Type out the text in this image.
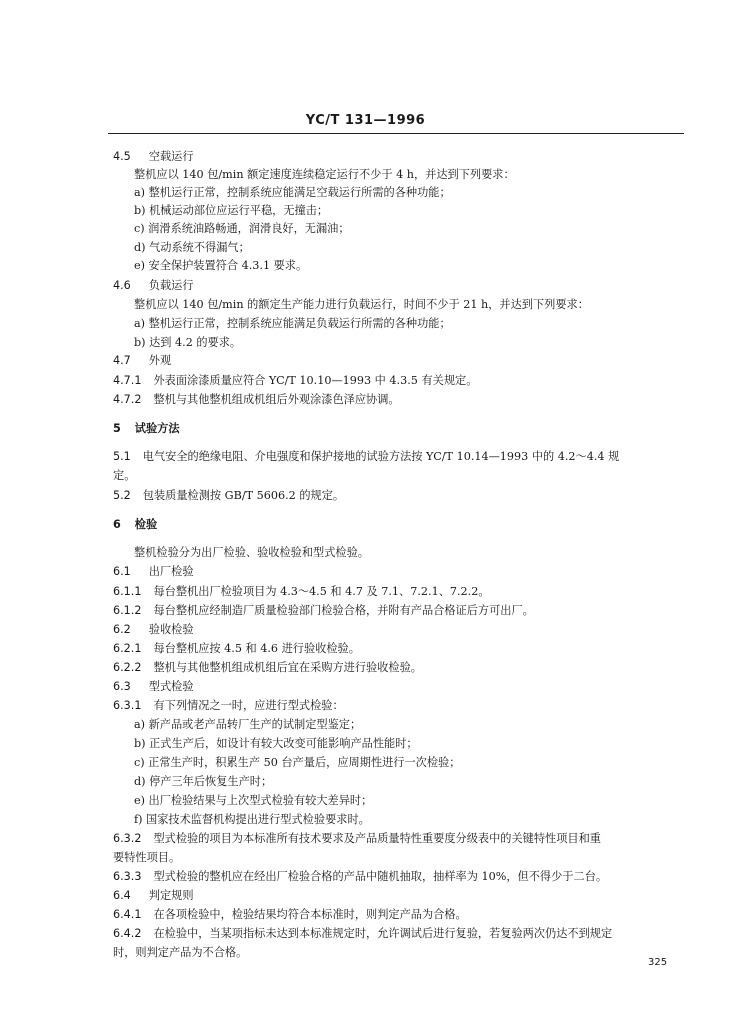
YC/T 131—1996
4.5 空载运行
整机应以 140 包/min 额定速度连续稳定运行不少于 4 h，并达到下列要求：
a) 整机运行正常，控制系统应能满足空载运行所需的各种功能；
b) 机械运动部位应运行平稳，无撞击；
c) 润滑系统油路畅通，润滑良好，无漏油；
d) 气动系统不得漏气；
e) 安全保护装置符合 4.3.1 要求。
4.6 负载运行
整机应以 140 包/min 的额定生产能力进行负载运行，时间不少于 21 h，并达到下列要求：
a) 整机运行正常，控制系统应能满足负载运行所需的各种功能；
b) 达到 4.2 的要求。
4.7 外观
4.7.1 外表面涂漆质量应符合 YC/T 10.10—1993 中 4.3.5 有关规定。
4.7.2 整机与其他整机组成机组后外观涂漆色泽应协调。
5 试验方法
5.1 电气安全的绝缘电阻、介电强度和保护接地的试验方法按 YC/T 10.14—1993 中的 4.2～4.4 规
定。
5.2 包装质量检测按 GB/T 5606.2 的规定。
6 检验
整机检验分为出厂检验、验收检验和型式检验。
6.1 出厂检验
6.1.1 每台整机出厂检验项目为 4.3～4.5 和 4.7 及 7.1、7.2.1、7.2.2。
6.1.2 每台整机应经制造厂质量检验部门检验合格，并附有产品合格证后方可出厂。
6.2 验收检验
6.2.1 每台整机应按 4.5 和 4.6 进行验收检验。
6.2.2 整机与其他整机组成机组后宜在采购方进行验收检验。
6.3 型式检验
6.3.1 有下列情况之一时，应进行型式检验：
a) 新产品或老产品转厂生产的试制定型鉴定；
b) 正式生产后，如设计有较大改变可能影响产品性能时；
c) 正常生产时，积累生产 50 台产量后，应周期性进行一次检验；
d) 停产三年后恢复生产时；
e) 出厂检验结果与上次型式检验有较大差异时；
f) 国家技术监督机构提出进行型式检验要求时。
6.3.2 型式检验的项目为本标准所有技术要求及产品质量特性重要度分级表中的关键特性项目和重
要特性项目。
6.3.3 型式检验的整机应在经出厂检验合格的产品中随机抽取，抽样率为 10%，但不得少于二台。
6.4 判定规则
6.4.1 在各项检验中，检验结果均符合本标准时，则判定产品为合格。
6.4.2 在检验中，当某项指标未达到本标准规定时，允许调试后进行复验，若复验两次仍达不到规定
时，则判定产品为不合格。
325
